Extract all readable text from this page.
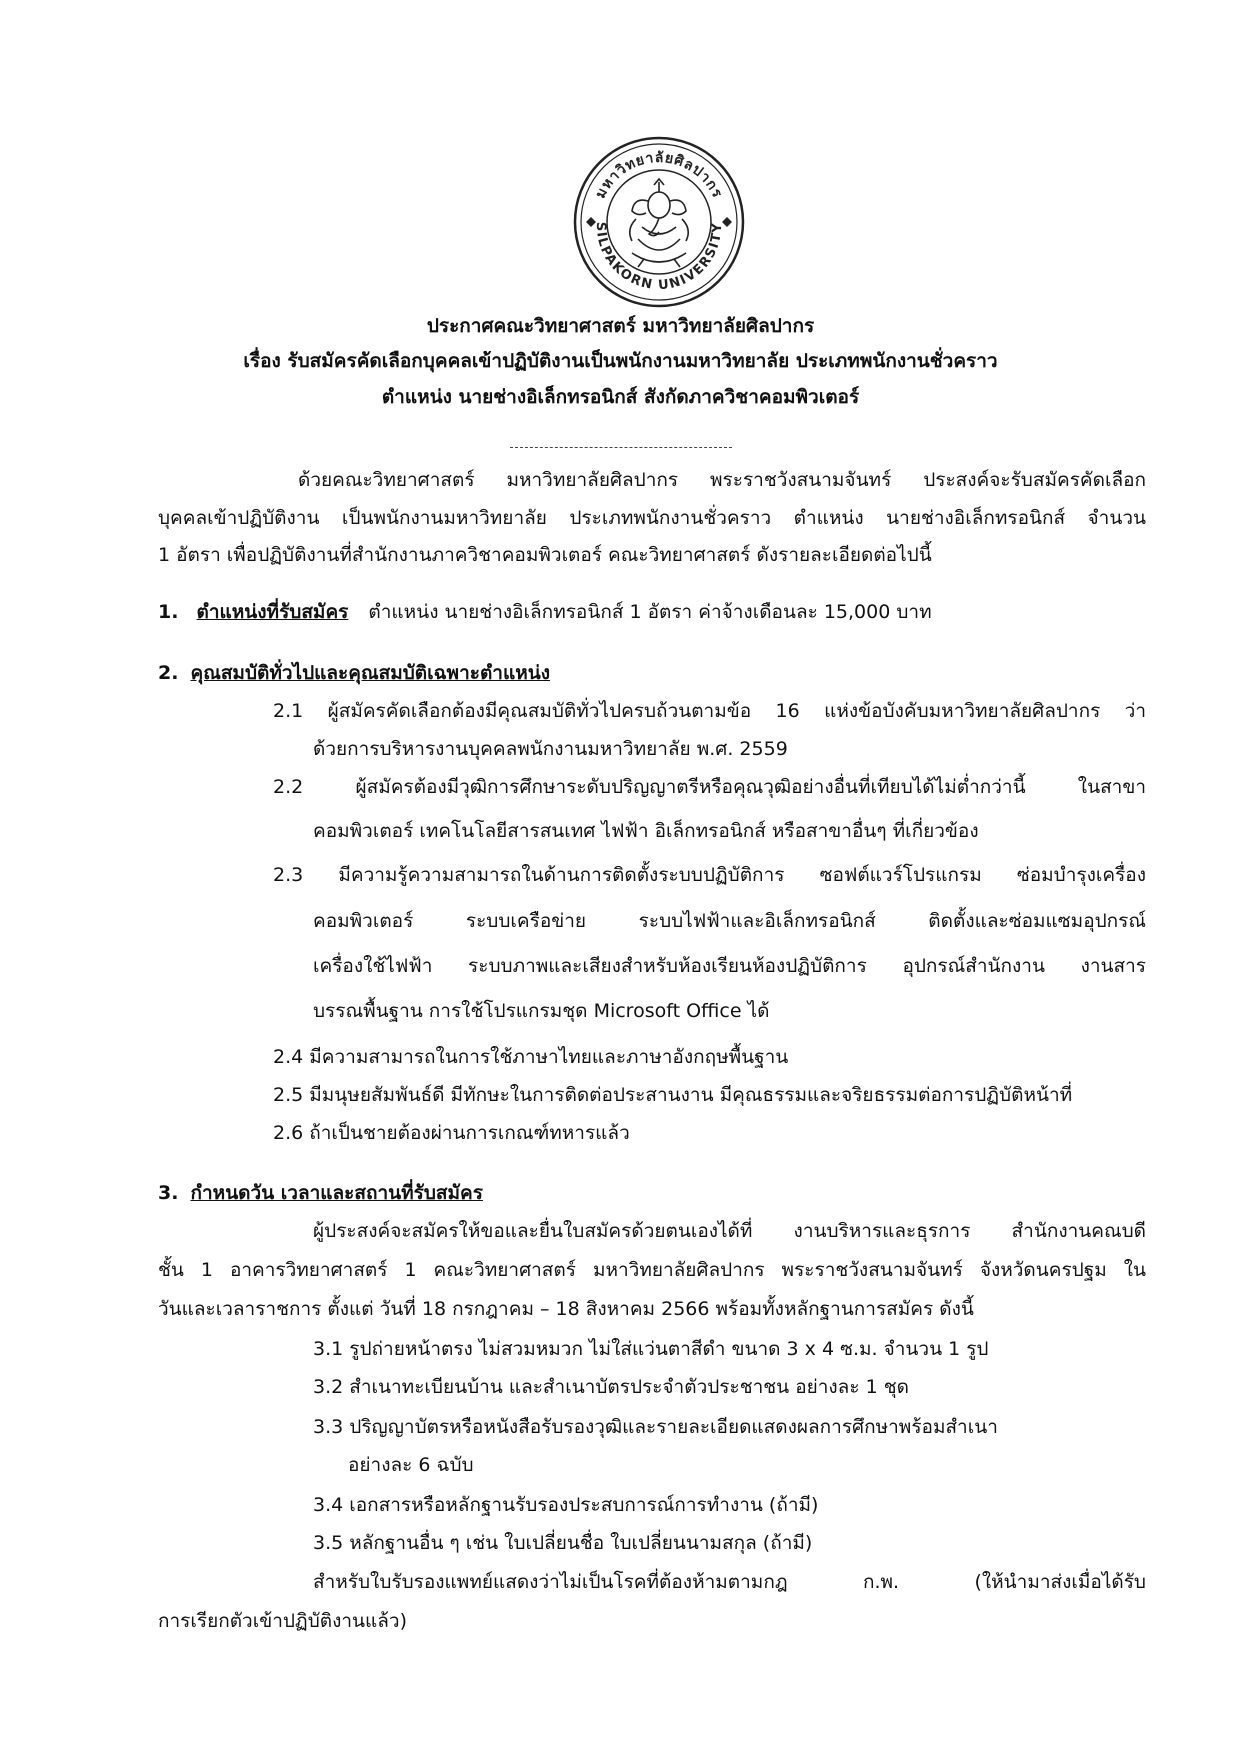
มหาวิทยาลัยศิลปากร
SILPAKORN UNIVERSITY
ประกาศคณะวิทยาศาสตร์ มหาวิทยาลัยศิลปากร
เรื่อง รับสมัครคัดเลือกบุคคลเข้าปฏิบัติงานเป็นพนักงานมหาวิทยาลัย ประเภทพนักงานชั่วคราว
ตำแหน่ง นายช่างอิเล็กทรอนิกส์ สังกัดภาควิชาคอมพิวเตอร์
ด้วยคณะวิทยาศาสตร์ มหาวิทยาลัยศิลปากร พระราชวังสนามจันทร์ ประสงค์จะรับสมัครคัดเลือก
บุคคลเข้าปฏิบัติงาน เป็นพนักงานมหาวิทยาลัย ประเภทพนักงานชั่วคราว ตำแหน่ง นายช่างอิเล็กทรอนิกส์ จำนวน
1 อัตรา เพื่อปฏิบัติงานที่สำนักงานภาควิชาคอมพิวเตอร์ คณะวิทยาศาสตร์ ดังรายละเอียดต่อไปนี้
1. ตำแหน่งที่รับสมัคร ตำแหน่ง นายช่างอิเล็กทรอนิกส์ 1 อัตรา ค่าจ้างเดือนละ 15,000 บาท
2. คุณสมบัติทั่วไปและคุณสมบัติเฉพาะตำแหน่ง
2.1 ผู้สมัครคัดเลือกต้องมีคุณสมบัติทั่วไปครบถ้วนตามข้อ 16 แห่งข้อบังคับมหาวิทยาลัยศิลปากร ว่า
ด้วยการบริหารงานบุคคลพนักงานมหาวิทยาลัย พ.ศ. 2559
2.2 ผู้สมัครต้องมีวุฒิการศึกษาระดับปริญญาตรีหรือคุณวุฒิอย่างอื่นที่เทียบได้ไม่ต่ำกว่านี้ ในสาขา
คอมพิวเตอร์ เทคโนโลยีสารสนเทศ ไฟฟ้า อิเล็กทรอนิกส์ หรือสาขาอื่นๆ ที่เกี่ยวข้อง
2.3 มีความรู้ความสามารถในด้านการติดตั้งระบบปฏิบัติการ ซอฟต์แวร์โปรแกรม ซ่อมบำรุงเครื่อง
คอมพิวเตอร์ ระบบเครือข่าย ระบบไฟฟ้าและอิเล็กทรอนิกส์ ติดตั้งและซ่อมแซมอุปกรณ์
เครื่องใช้ไฟฟ้า ระบบภาพและเสียงสำหรับห้องเรียนห้องปฏิบัติการ อุปกรณ์สำนักงาน งานสาร
บรรณพื้นฐาน การใช้โปรแกรมชุด Microsoft Office ได้
2.4 มีความสามารถในการใช้ภาษาไทยและภาษาอังกฤษพื้นฐาน
2.5 มีมนุษยสัมพันธ์ดี มีทักษะในการติดต่อประสานงาน มีคุณธรรมและจริยธรรมต่อการปฏิบัติหน้าที่
2.6 ถ้าเป็นชายต้องผ่านการเกณฑ์ทหารแล้ว
3. กำหนดวัน เวลาและสถานที่รับสมัคร
ผู้ประสงค์จะสมัครให้ขอและยื่นใบสมัครด้วยตนเองได้ที่ งานบริหารและธุรการ สำนักงานคณบดี
ชั้น 1 อาคารวิทยาศาสตร์ 1 คณะวิทยาศาสตร์ มหาวิทยาลัยศิลปากร พระราชวังสนามจันทร์ จังหวัดนครปฐม ใน
วันและเวลาราชการ ตั้งแต่ วันที่ 18 กรกฎาคม – 18 สิงหาคม 2566 พร้อมทั้งหลักฐานการสมัคร ดังนี้
3.1 รูปถ่ายหน้าตรง ไม่สวมหมวก ไม่ใส่แว่นตาสีดำ ขนาด 3 x 4 ซ.ม. จำนวน 1 รูป
3.2 สำเนาทะเบียนบ้าน และสำเนาบัตรประจำตัวประชาชน อย่างละ 1 ชุด
3.3 ปริญญาบัตรหรือหนังสือรับรองวุฒิและรายละเอียดแสดงผลการศึกษาพร้อมสำเนา
อย่างละ 6 ฉบับ
3.4 เอกสารหรือหลักฐานรับรองประสบการณ์การทำงาน (ถ้ามี)
3.5 หลักฐานอื่น ๆ เช่น ใบเปลี่ยนชื่อ ใบเปลี่ยนนามสกุล (ถ้ามี)
สำหรับใบรับรองแพทย์แสดงว่าไม่เป็นโรคที่ต้องห้ามตามกฎ ก.พ. (ให้นำมาส่งเมื่อได้รับ
การเรียกตัวเข้าปฏิบัติงานแล้ว)
